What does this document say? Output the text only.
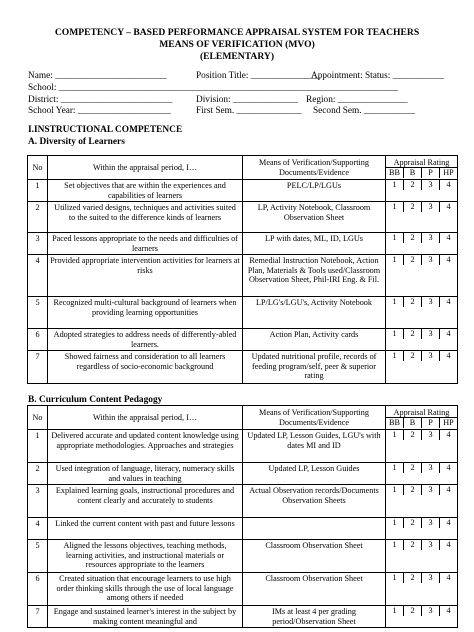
COMPETENCY – BASED PERFORMANCE APPRAISAL SYSTEM FOR TEACHERS
MEANS OF VERIFICATION (MVO)
(ELEMENTARY)
Name: ________________________	Position Title: _______________
Appointment: Status: ___________
School: _________________________________________________________________________
District: ________________________	Division: ______________ Region: _______________
School Year: ____________________	First Sem. ______________ Second Sem. ___________
I.INSTRUCTIONAL COMPETENCE
A. Diversity of Learners
No	Within the appraisal period, I…	Means of Verification/Supporting Documents/Evidence	Appraisal Rating
BB B P HP

1	Set objectives that are within the experiences and capabilities of learners	PELC/LP/LGUs	1 2 3 4

2	Utilized varied designs, techniques and activities suited to the suited to the difference kinds of learners	LP, Activity Notebook, Classroom Observation Sheet	1 2 3 4

3	Paced lessons appropriate to the needs and difficulties of learners	LP with dates, ML, ID, LGUs	1 2 3 4

4	Provided appropriate intervention activities for learners at risks	Remedial Instruction Notebook, Action Plan, Materials & Tools used/Classroom Observation Sheet, Phil-IRI Eng. & Fil.	1 2 3 4

5	Recognized multi-cultural background of learners when providing learning opportunities	LP/LG's/LGU's, Activity Notebook	1 2 3 4

6	Adopted strategies to address needs of differently-abled learners.	Action Plan, Activity cards	1 2 3 4

7	Showed fairness and consideration to all learners regardless of socio-economic background	Updated nutritional profile, records of feeding program/self, peer & superior rating	1 2 3 4
B. Curriculum Content Pedagogy
No	Within the appraisal period, I…	Means of Verification/Supporting Documents/Evidence	Appraisal Rating
BB B P HP

1	Delivered accurate and updated content knowledge using appropriate methodologies. Approaches and strategies	Updated LP, Lesson Guides, LGU's with dates MI and ID	1 2 3 4

2	Used integration of language, literacy, numeracy skills and values in teaching	Updated LP, Lesson Guides	1 2 3 4

3	Explained learning goals, instructional procedures and content clearly and accurately to students	Actual Observation records/Documents Observation Sheets	1 2 3 4

4	Linked the current content with past and future lessons		1 2 3 4

5	Aligned the lessons objectives, teaching methods, learning activities, and instructional materials or resources appropriate to the learners	Classroom Observation Sheet	1 2 3 4

6	Created situation that encourage learners to use high order thinking skills through the use of local language among others if needed	Classroom Observation Sheet	1 2 3 4

7	Engage and sustained learner's interest in the subject by making content meaningful and	IMs at least 4 per grading period/Observation Sheet	1 2 3 4
